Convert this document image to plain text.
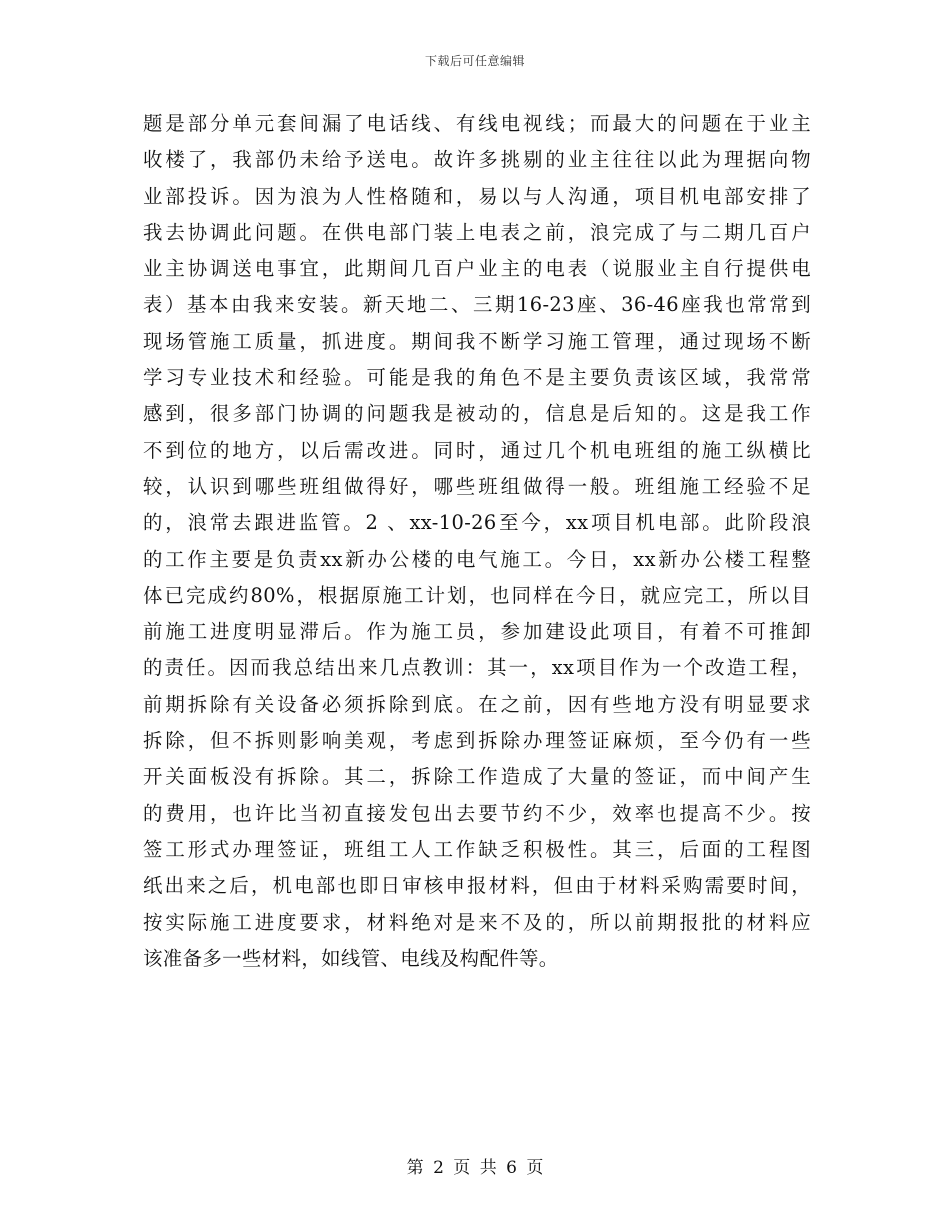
下载后可任意编辑
题是部分单元套间漏了电话线、有线电视线；而最大的问题在于业主
收楼了，我部仍未给予送电。故许多挑剔的业主往往以此为理据向物
业部投诉。因为浪为人性格随和，易以与人沟通，项目机电部安排了
我去协调此问题。在供电部门装上电表之前，浪完成了与二期几百户
业主协调送电事宜，此期间几百户业主的电表（说服业主自行提供电
表）基本由我来安装。新天地二、三期16-23座、36-46座我也常常到
现场管施工质量，抓进度。期间我不断学习施工管理，通过现场不断
学习专业技术和经验。可能是我的角色不是主要负责该区域，我常常
感到，很多部门协调的问题我是被动的，信息是后知的。这是我工作
不到位的地方，以后需改进。同时，通过几个机电班组的施工纵横比
较，认识到哪些班组做得好，哪些班组做得一般。班组施工经验不足
的，浪常去跟进监管。2 、xx-10-26至今，xx项目机电部。此阶段浪
的工作主要是负责xx新办公楼的电气施工。今日，xx新办公楼工程整
体已完成约80%，根据原施工计划，也同样在今日，就应完工，所以目
前施工进度明显滞后。作为施工员，参加建设此项目，有着不可推卸
的责任。因而我总结出来几点教训：其一，xx项目作为一个改造工程，
前期拆除有关设备必须拆除到底。在之前，因有些地方没有明显要求
拆除，但不拆则影响美观，考虑到拆除办理签证麻烦，至今仍有一些
开关面板没有拆除。其二，拆除工作造成了大量的签证，而中间产生
的费用，也许比当初直接发包出去要节约不少，效率也提高不少。按
签工形式办理签证，班组工人工作缺乏积极性。其三，后面的工程图
纸出来之后，机电部也即日审核申报材料，但由于材料采购需要时间，
按实际施工进度要求，材料绝对是来不及的，所以前期报批的材料应
该准备多一些材料，如线管、电线及构配件等。
第 2 页 共 6 页
